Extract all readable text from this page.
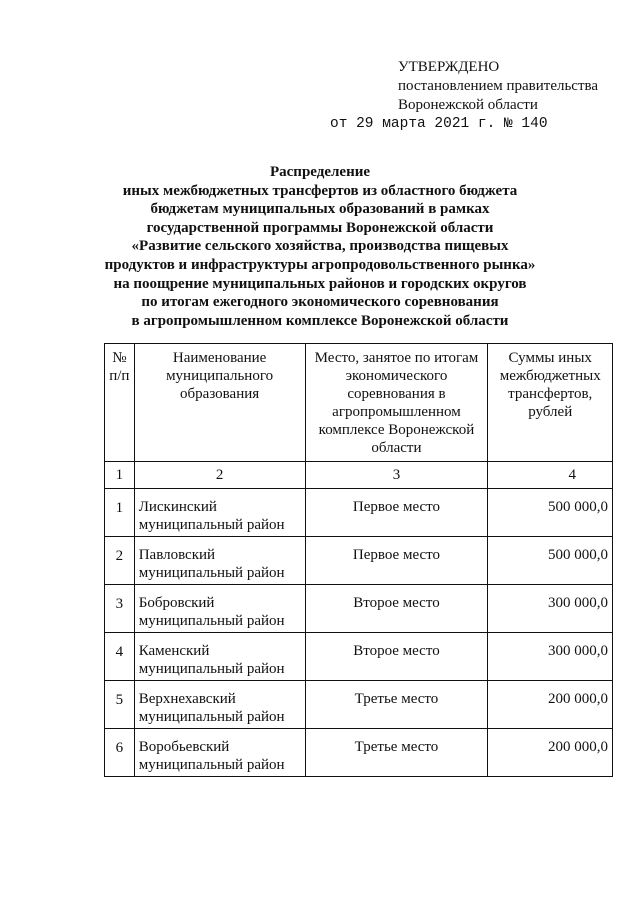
УТВЕРЖДЕНО
постановлением правительства
Воронежской области
от 29 марта 2021 г. № 140
Распределение
иных межбюджетных трансфертов из областного бюджета
бюджетам муниципальных образований в рамках
государственной программы Воронежской области
«Развитие сельского хозяйства, производства пищевых
продуктов и инфраструктуры агропродовольственного рынка»
на поощрение муниципальных районов и городских округов
по итогам ежегодного экономического соревнования
в агропромышленном комплексе Воронежской области
№ п/п	Наименование муниципального образования	Место, занятое по итогам экономического соревнования в агропромышленном комплексе Воронежской области	Суммы иных межбюджетных трансфертов, рублей
1	2	3	4
1	Лискинский муниципальный район	Первое место	500 000,0
2	Павловский муниципальный район	Первое место	500 000,0
3	Бобровский муниципальный район	Второе место	300 000,0
4	Каменский муниципальный район	Второе место	300 000,0
5	Верхнехавский муниципальный район	Третье место	200 000,0
6	Воробьевский муниципальный район	Третье место	200 000,0
